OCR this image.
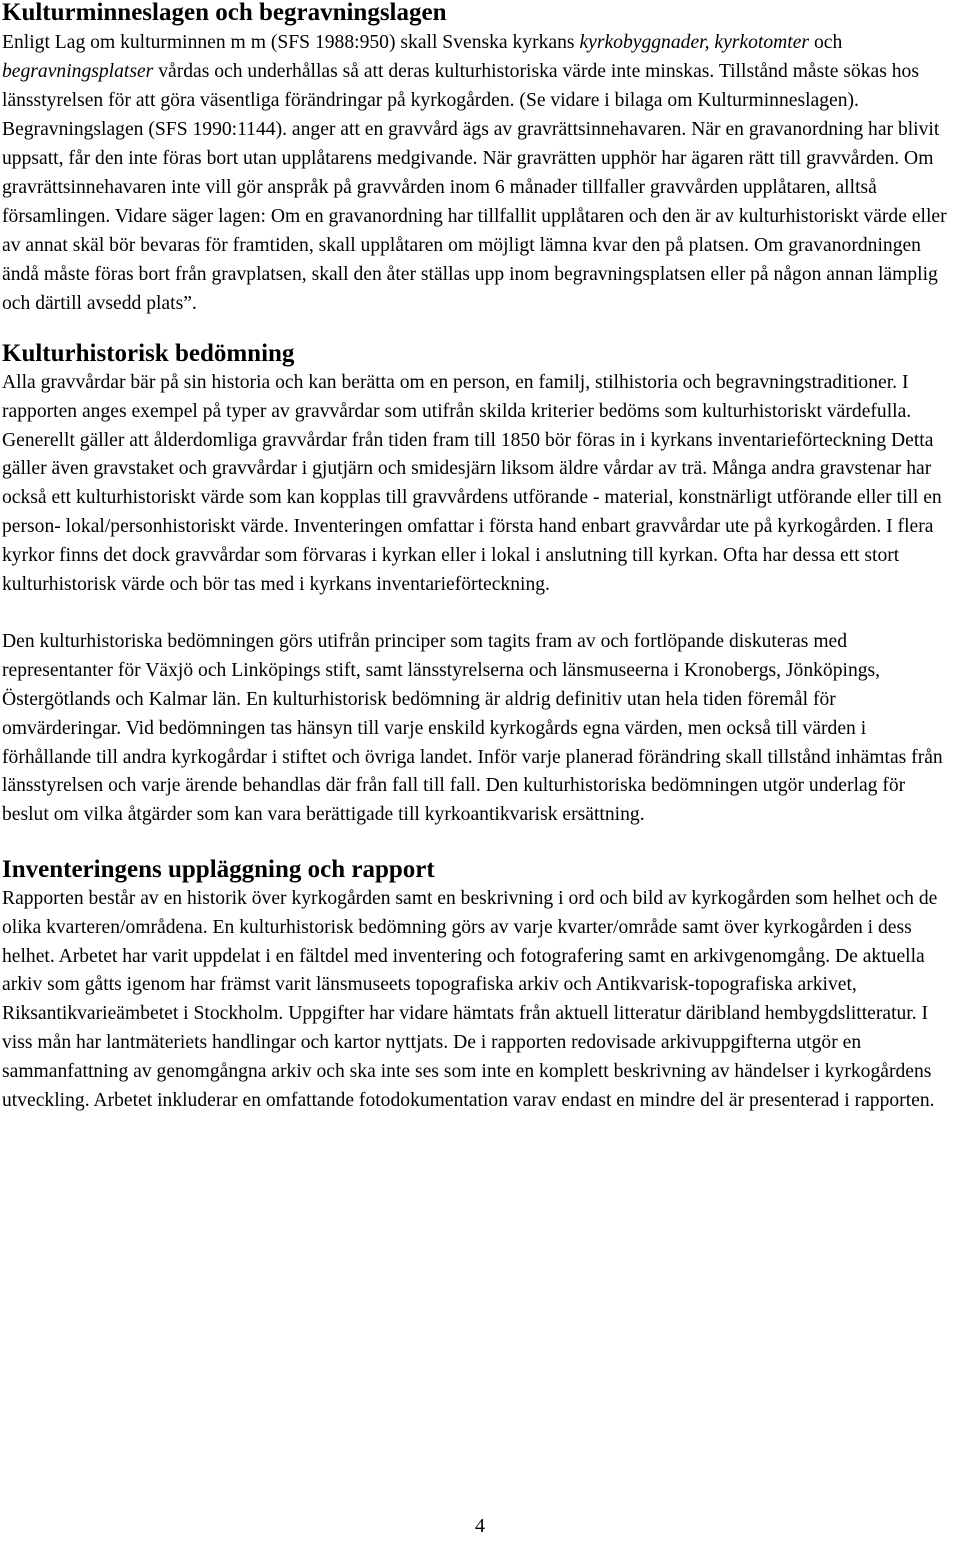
Kulturminneslagen och begravningslagen

Enligt Lag om kulturminnen m m (SFS 1988:950) skall Svenska kyrkans kyrkobyggnader, kyrkotomter och begravningsplatser vårdas och underhållas så att deras kulturhistoriska värde inte minskas. Tillstånd måste sökas hos länsstyrelsen för att göra väsentliga förändringar på kyrkogården. (Se vidare i bilaga om Kulturminneslagen). Begravningslagen (SFS 1990:1144). anger att en gravvård ägs av gravrättsinnehavaren. När en gravanordning har blivit uppsatt, får den inte föras bort utan upplåtarens medgivande. När gravrätten upphör har ägaren rätt till gravvården. Om gravrättsinnehavaren inte vill gör anspråk på gravvården inom 6 månader tillfaller gravvården upplåtaren, alltså församlingen. Vidare säger lagen: Om en gravanordning har tillfallit upplåtaren och den är av kulturhistoriskt värde eller av annat skäl bör bevaras för framtiden, skall upplåtaren om möjligt lämna kvar den på platsen. Om gravanordningen ändå måste föras bort från gravplatsen, skall den åter ställas upp inom begravningsplatsen eller på någon annan lämplig och därtill avsedd plats”.

Kulturhistorisk bedömning

Alla gravvårdar bär på sin historia och kan berätta om en person, en familj, stilhistoria och begravningstraditioner. I rapporten anges exempel på typer av gravvårdar som utifrån skilda kriterier bedöms som kulturhistoriskt värdefulla. Generellt gäller att ålderdomliga gravvårdar från tiden fram till 1850 bör föras in i kyrkans inventarieförteckning Detta gäller även gravstaket och gravvårdar i gjutjärn och smidesjärn liksom äldre vårdar av trä. Många andra gravstenar har också ett kulturhistoriskt värde som kan kopplas till gravvårdens utförande - material, konstnärligt utförande eller till en person- lokal/personhistoriskt värde. Inventeringen omfattar i första hand enbart gravvårdar ute på kyrkogården. I flera kyrkor finns det dock gravvårdar som förvaras i kyrkan eller i lokal i anslutning till kyrkan. Ofta har dessa ett stort kulturhistorisk värde och bör tas med i kyrkans inventarieförteckning.

Den kulturhistoriska bedömningen görs utifrån principer som tagits fram av och fortlöpande diskuteras med representanter för Växjö och Linköpings stift, samt länsstyrelserna och länsmuseerna i Kronobergs, Jönköpings, Östergötlands och Kalmar län. En kulturhistorisk bedömning är aldrig definitiv utan hela tiden föremål för omvärderingar. Vid bedömningen tas hänsyn till varje enskild kyrkogårds egna värden, men också till värden i förhållande till andra kyrkogårdar i stiftet och övriga landet. Inför varje planerad förändring skall tillstånd inhämtas från länsstyrelsen och varje ärende behandlas där från fall till fall. Den kulturhistoriska bedömningen utgör underlag för beslut om vilka åtgärder som kan vara berättigade till kyrkoantikvarisk ersättning.

Inventeringens uppläggning och rapport

Rapporten består av en historik över kyrkogården samt en beskrivning i ord och bild av kyrkogården som helhet och de olika kvarteren/områdena. En kulturhistorisk bedömning görs av varje kvarter/område samt över kyrkogården i dess helhet. Arbetet har varit uppdelat i en fältdel med inventering och fotografering samt en arkivgenomgång. De aktuella arkiv som gåtts igenom har främst varit länsmuseets topografiska arkiv och Antikvarisk-topografiska arkivet, Riksantikvarieämbetet i Stockholm. Uppgifter har vidare hämtats från aktuell litteratur däribland hembygdslitteratur. I viss mån har lantmäteriets handlingar och kartor nyttjats. De i rapporten redovisade arkivuppgifterna utgör en sammanfattning av genomgångna arkiv och ska inte ses som inte en komplett beskrivning av händelser i kyrkogårdens utveckling. Arbetet inkluderar en omfattande fotodokumentation varav endast en mindre del är presenterad i rapporten.

4
